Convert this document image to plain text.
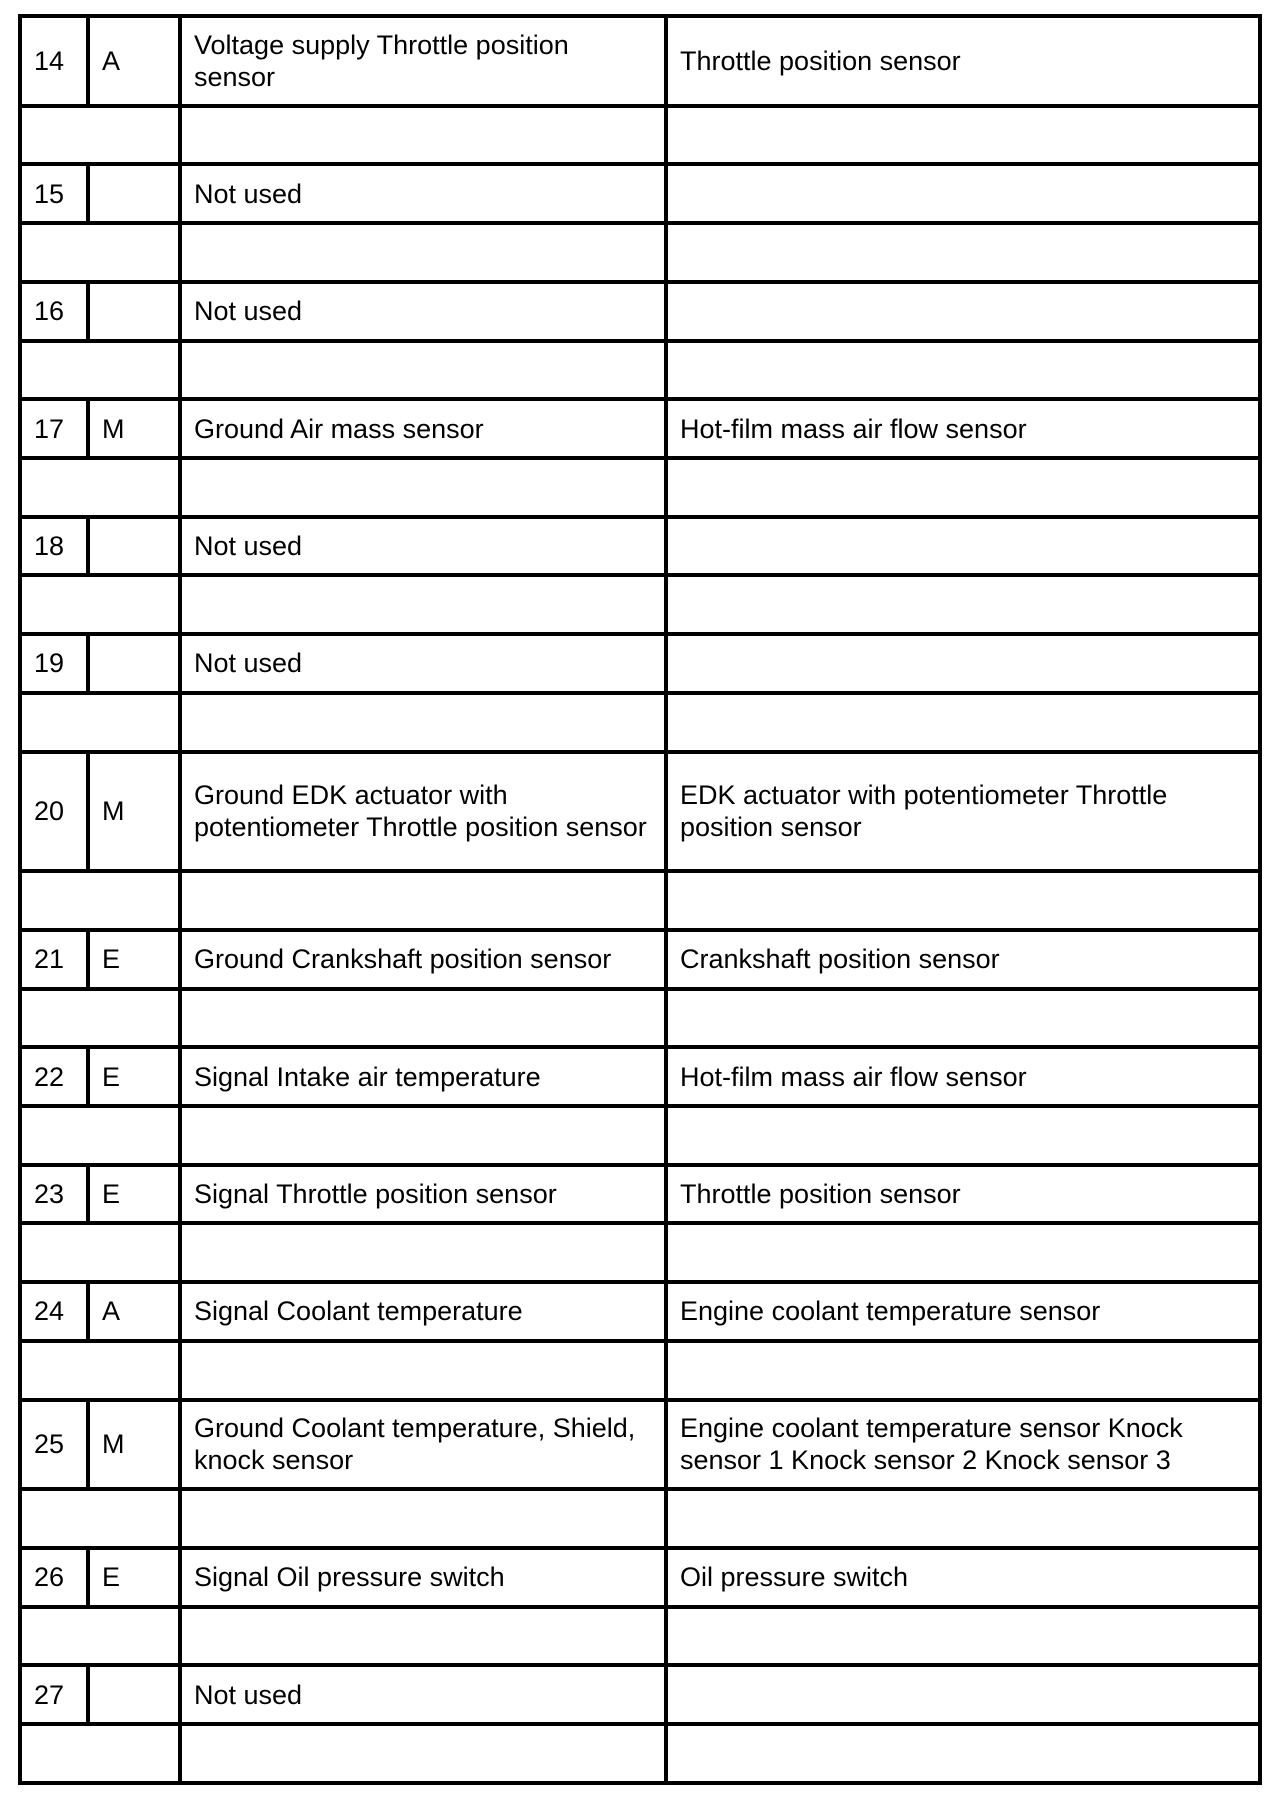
14	A	Voltage supply Throttle position sensor	Throttle position sensor

15		Not used	

16		Not used	

17	M	Ground Air mass sensor	Hot-film mass air flow sensor

18		Not used	

19		Not used	

20	M	Ground EDK actuator with potentiometer Throttle position sensor	EDK actuator with potentiometer Throttle position sensor

21	E	Ground Crankshaft position sensor	Crankshaft position sensor

22	E	Signal Intake air temperature	Hot-film mass air flow sensor

23	E	Signal Throttle position sensor	Throttle position sensor

24	A	Signal Coolant temperature	Engine coolant temperature sensor

25	M	Ground Coolant temperature, Shield, knock sensor	Engine coolant temperature sensor Knock sensor 1 Knock sensor 2 Knock sensor 3

26	E	Signal Oil pressure switch	Oil pressure switch

27		Not used	
